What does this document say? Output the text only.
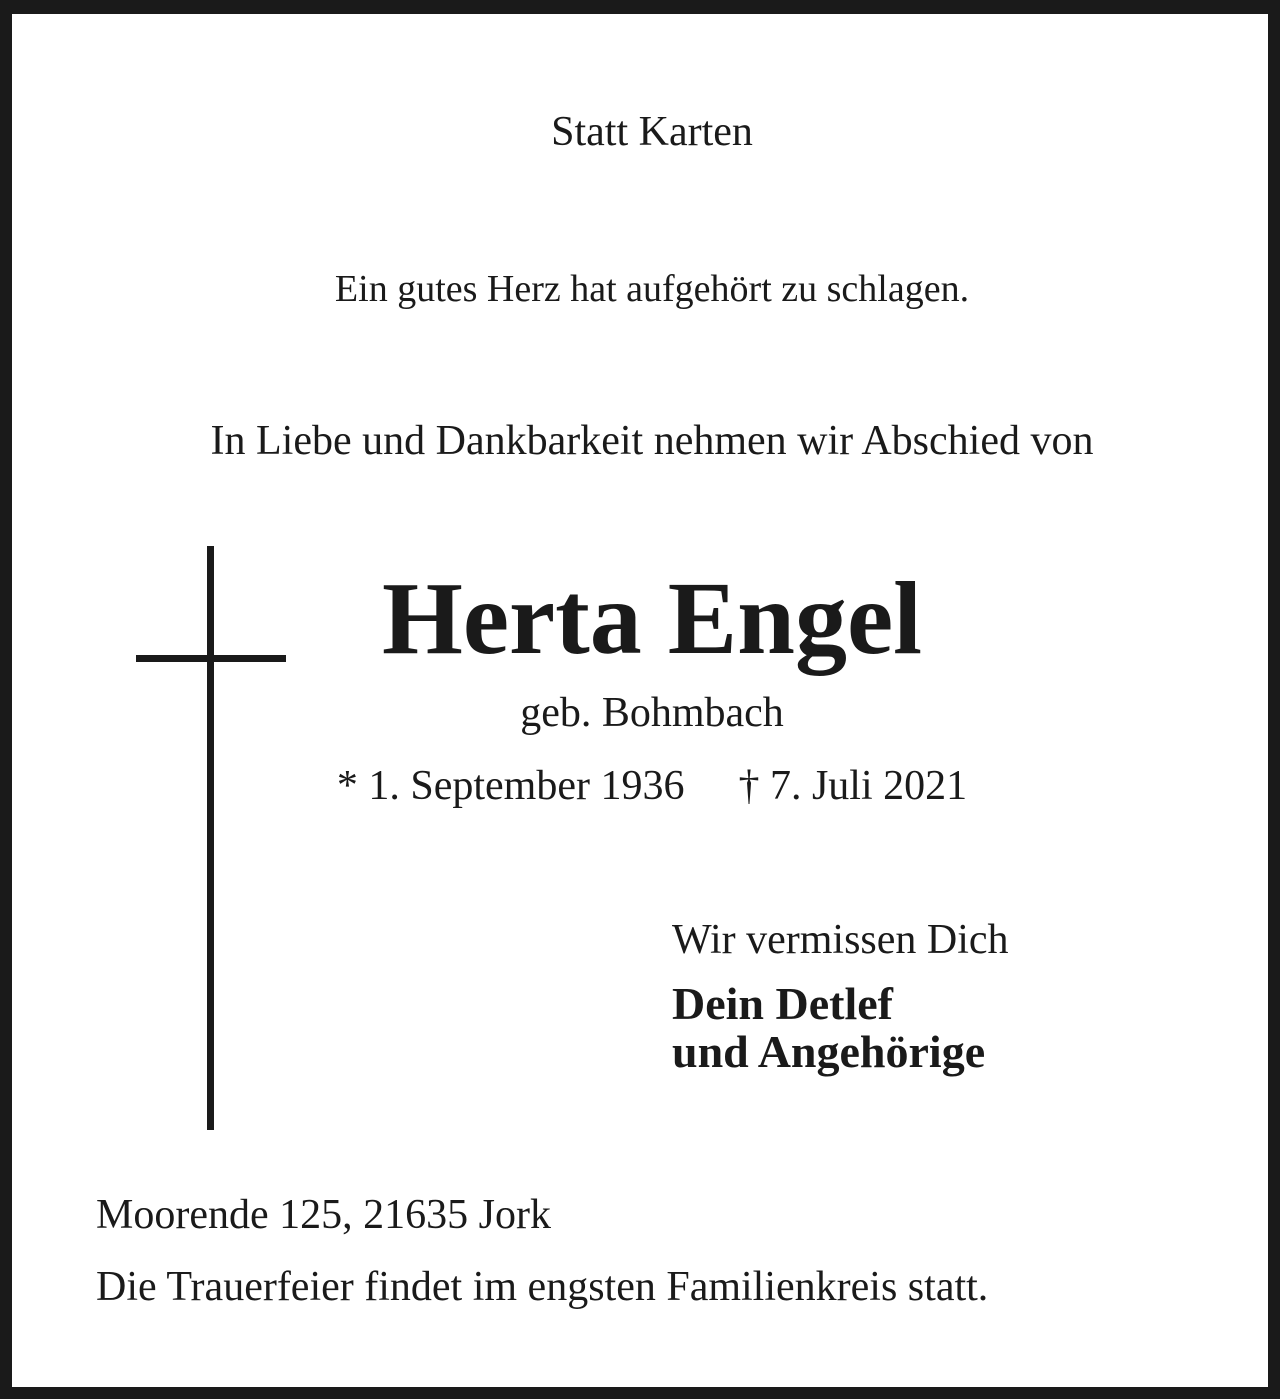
Statt Karten
Ein gutes Herz hat aufgehört zu schlagen.
In Liebe und Dankbarkeit nehmen wir Abschied von
Herta Engel
geb. Bohmbach
* 1. September 1936 † 7. Juli 2021
Wir vermissen Dich
Dein Detlef
und Angehörige
Moorende 125, 21635 Jork
Die Trauerfeier findet im engsten Familienkreis statt.
